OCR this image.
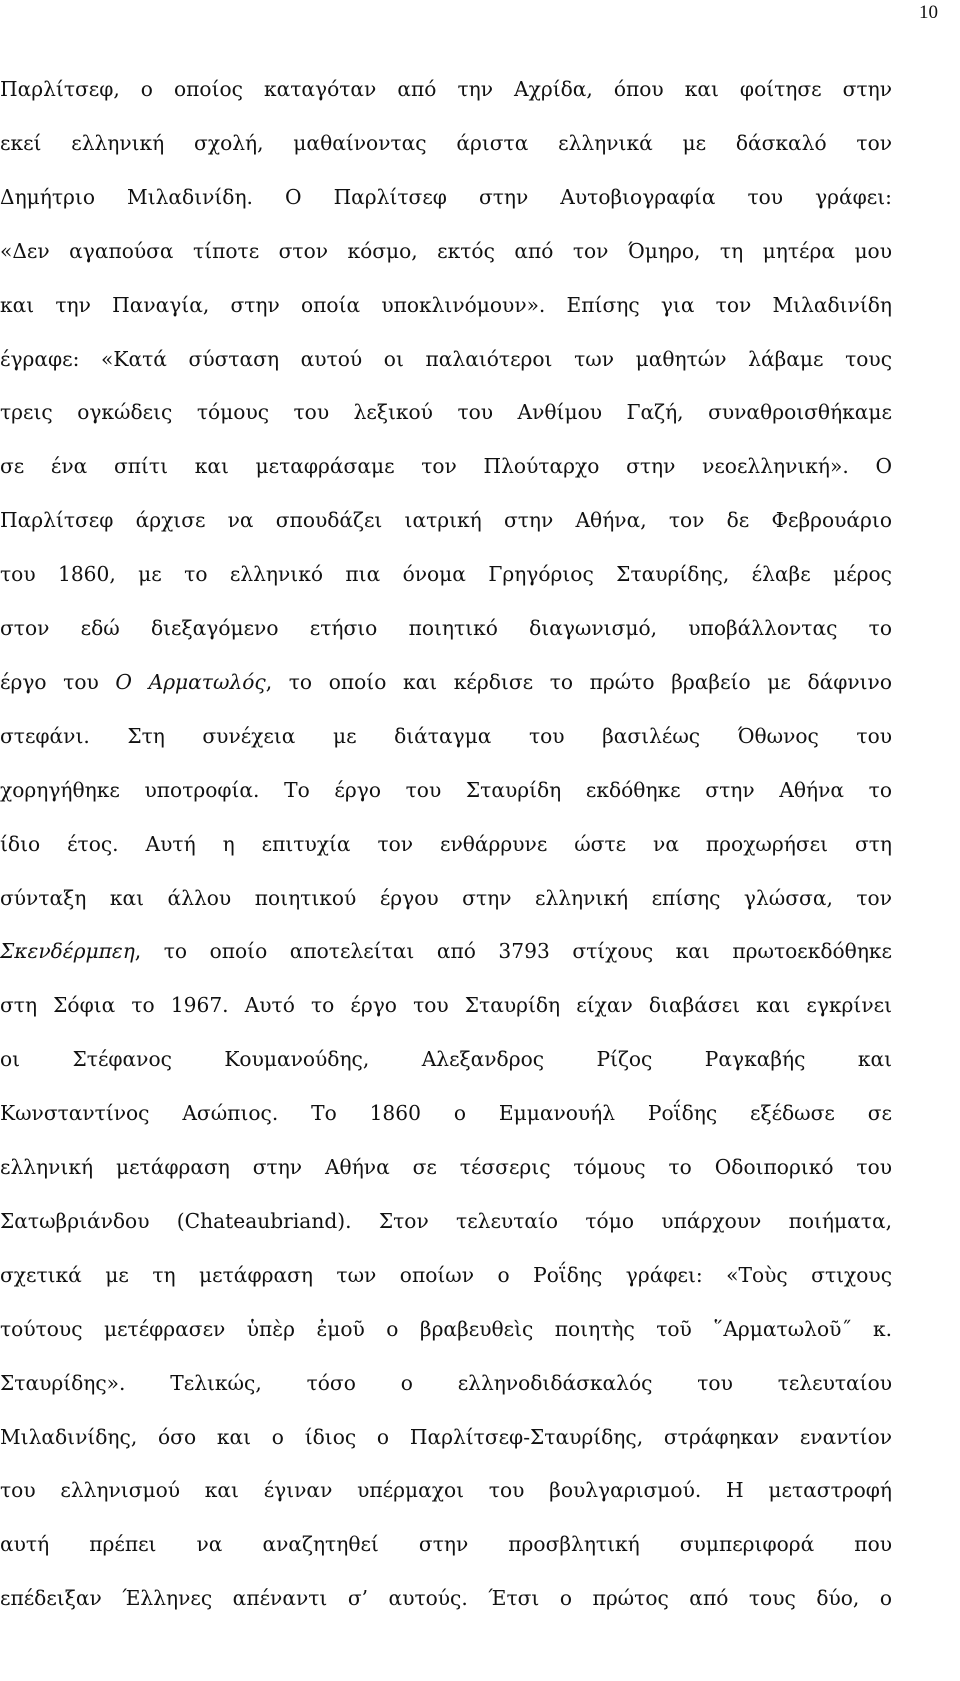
10
Παρλίτσεφ, ο οποίος καταγόταν από την Αχρίδα, όπου και φοίτησε στην
εκεί ελληνική σχολή, μαθαίνοντας άριστα ελληνικά με δάσκαλό τον
Δημήτριο Μιλαδινίδη. Ο Παρλίτσεφ στην Αυτοβιογραφία του γράφει:
«Δεν αγαπούσα τίποτε στον κόσμο, εκτός από τον Όμηρο, τη μητέρα μου
και την Παναγία, στην οποία υποκλινόμουν». Επίσης για τον Μιλαδινίδη
έγραφε: «Κατά σύσταση αυτού οι παλαιότεροι των μαθητών λάβαμε τους
τρεις ογκώδεις τόμους του λεξικού του Ανθίμου Γαζή, συναθροισθήκαμε
σε ένα σπίτι και μεταφράσαμε τον Πλούταρχο στην νεοελληνική». Ο
Παρλίτσεφ άρχισε να σπουδάζει ιατρική στην Αθήνα, τον δε Φεβρουάριο
του 1860, με το ελληνικό πια όνομα Γρηγόριος Σταυρίδης, έλαβε μέρος
στον εδώ διεξαγόμενο ετήσιο ποιητικό διαγωνισμό, υποβάλλοντας το
έργο του Ο Αρματωλός, το οποίο και κέρδισε το πρώτο βραβείο με δάφνινο
στεφάνι. Στη συνέχεια με διάταγμα του βασιλέως Όθωνος του
χορηγήθηκε υποτροφία. Το έργο του Σταυρίδη εκδόθηκε στην Αθήνα το
ίδιο έτος. Αυτή η επιτυχία τον ενθάρρυνε ώστε να προχωρήσει στη
σύνταξη και άλλου ποιητικού έργου στην ελληνική επίσης γλώσσα, τον
Σκενδέρμπεη, το οποίο αποτελείται από 3793 στίχους και πρωτοεκδόθηκε
στη Σόφια το 1967. Αυτό το έργο του Σταυρίδη είχαν διαβάσει και εγκρίνει
οι Στέφανος Κουμανούδης, Αλεξανδρος Ρίζος Ραγκαβής και
Κωνσταντίνος Ασώπιος. Το 1860 ο Εμμανουήλ Ροΐδης εξέδωσε σε
ελληνική μετάφραση στην Αθήνα σε τέσσερις τόμους το Οδοιπορικό του
Σατωβριάνδου (Chateaubriand). Στον τελευταίο τόμο υπάρχουν ποιήματα,
σχετικά με τη μετάφραση των οποίων ο Ροΐδης γράφει: «Τοὺς στιχους
τούτους μετέφρασεν ὑπὲρ ἐμοῦ ο βραβευθεὶς ποιητὴς τοῦ ῞Αρματωλοῦ˝ κ.
Σταυρίδης». Τελικώς, τόσο ο ελληνοδιδάσκαλός του τελευταίου
Μιλαδινίδης, όσο και ο ίδιος ο Παρλίτσεφ-Σταυρίδης, στράφηκαν εναντίον
του ελληνισμού και έγιναν υπέρμαχοι του βουλγαρισμού. Η μεταστροφή
αυτή πρέπει να αναζητηθεί στην προσβλητική συμπεριφορά που
επέδειξαν Έλληνες απέναντι σ’ αυτούς. Έτσι ο πρώτος από τους δύο, ο
